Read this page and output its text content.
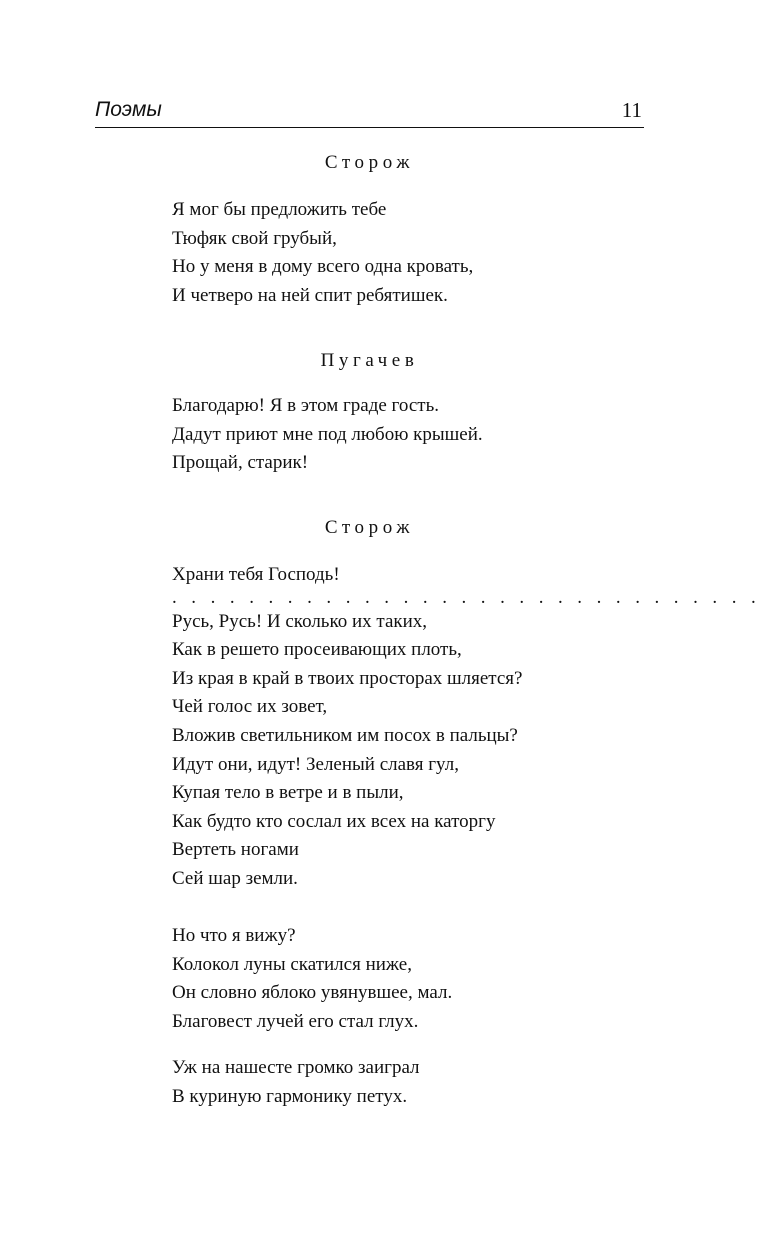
Поэмы	11
Сторож
Я мог бы предложить тебе
Тюфяк свой грубый,
Но у меня в дому всего одна кровать,
И четверо на ней спит ребятишек.
Пугачев
Благодарю! Я в этом граде гость.
Дадут приют мне под любою крышей.
Прощай, старик!
Сторож
Храни тебя Господь!
. . . . . . . . . . . . . . . . . . . . . . . . . . . . . . .
Русь, Русь! И сколько их таких,
Как в решето просеивающих плоть,
Из края в край в твоих просторах шляется?
Чей голос их зовет,
Вложив светильником им посох в пальцы?
Идут они, идут! Зеленый славя гул,
Купая тело в ветре и в пыли,
Как будто кто сослал их всех на каторгу
Вертеть ногами
Сей шар земли.
Но что я вижу?
Колокол луны скатился ниже,
Он словно яблоко увянувшее, мал.
Благовест лучей его стал глух.
Уж на нашесте громко заиграл
В куриную гармонику петух.
